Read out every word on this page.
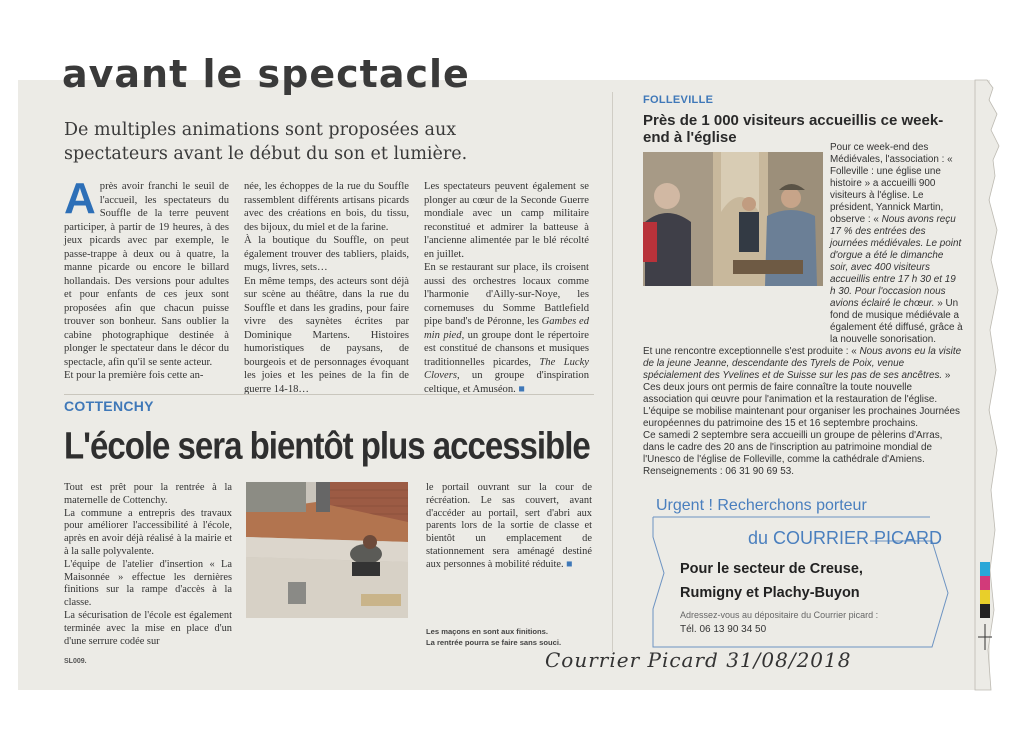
avant le spectacle
De multiples animations sont proposées aux spectateurs avant le début du son et lumière.

Après avoir franchi le seuil de l'accueil, les spectateurs du Souffle de la terre peuvent participer, à partir de 19 heures, à des jeux picards avec par exemple, le passe-trappe à deux ou à quatre, la manne picarde ou encore le billard hollandais. Des versions pour adultes et pour enfants de ces jeux sont proposées afin que chacun puisse trouver son bonheur. Sans oublier la cabine photographique destinée à plonger le spectateur dans le décor du spectacle, afin qu'il se sente acteur.

Et pour la première fois cette an-

née, les échoppes de la rue du Souffle rassemblent différents artisans picards avec des créations en bois, du tissu, des bijoux, du miel et de la farine.

À la boutique du Souffle, on peut également trouver des tabliers, plaids, mugs, livres, sets…

En même temps, des acteurs sont déjà sur scène au théâtre, dans la rue du Souffle et dans les gradins, pour faire vivre des saynètes écrites par Dominique Martens. Histoires humoristiques de paysans, de bourgeois et de personnages évoquant les joies et les peines de la fin de guerre 14-18…

Les spectateurs peuvent également se plonger au cœur de la Seconde Guerre mondiale avec un camp militaire reconstitué et admirer la batteuse à l'ancienne alimentée par le blé récolté en juillet.

En se restaurant sur place, ils croisent aussi des orchestres locaux comme l'harmonie d'Ailly-sur-Noye, les cornemuses du Somme Battlefield pipe band's de Péronne, les Gambes ed min pied, un groupe dont le répertoire est constitué de chansons et musiques traditionnelles picardes, The Lucky Clovers, un groupe d'inspiration celtique, et Amuséon. ■

COTTENCHY
L'école sera bientôt plus accessible

Tout est prêt pour la rentrée à la maternelle de Cottenchy.

La commune a entrepris des travaux pour améliorer l'accessibilité à l'école, après en avoir déjà réalisé à la mairie et à la salle polyvalente.

L'équipe de l'atelier d'insertion « La Maisonnée » effectue les dernières finitions sur la rampe d'accès à la classe.

La sécurisation de l'école est également terminée avec la mise en place d'un d'une serrure codée sur

Les maçons en sont aux finitions.
La rentrée pourra se faire sans souci.

le portail ouvrant sur la cour de récréation. Le sas couvert, avant d'accéder au portail, sert d'abri aux parents lors de la sortie de classe et bientôt un emplacement de stationnement sera aménagé destiné aux personnes à mobilité réduite. ■

SL009.
FOLLEVILLE
Près de 1 000 visiteurs accueillis ce week-end à l'église

Pour ce week-end des Médiévales, l'association : « Folleville : une église une histoire » a accueilli 900 visiteurs à l'église. Le président, Yannick Martin, observe : « Nous avons reçu 17 % des entrées des journées médiévales. Le point d'orgue a été le dimanche soir, avec 400 visiteurs accueillis entre 17 h 30 et 19 h 30. Pour l'occasion nous avions éclairé le chœur. » Un fond de musique médiévale a également été diffusé, grâce à la nouvelle sonorisation.

Et une rencontre exceptionnelle s'est produite : « Nous avons eu la visite de la jeune Jeanne, descendante des Tyrels de Poix, venue spécialement des Yvelines et de Suisse sur les pas de ses ancêtres. » Ces deux jours ont permis de faire connaître la toute nouvelle association qui œuvre pour l'animation et la restauration de l'église.

L'équipe se mobilise maintenant pour organiser les prochaines Journées européennes du patrimoine des 15 et 16 septembre prochains.

Ce samedi 2 septembre sera accueilli un groupe de pèlerins d'Arras, dans le cadre des 20 ans de l'inscription au patrimoine mondial de l'Unesco de l'église de Folleville, comme la cathédrale d'Amiens.

Renseignements : 06 31 90 69 53.

Urgent ! Recherchons porteur
du COURRIER PICARD
Pour le secteur de Creuse,
Rumigny et Plachy-Buyon
Adressez-vous au dépositaire du Courrier picard :
Tél. 06 13 90 34 50
Courrier Picard 31/08/2018
